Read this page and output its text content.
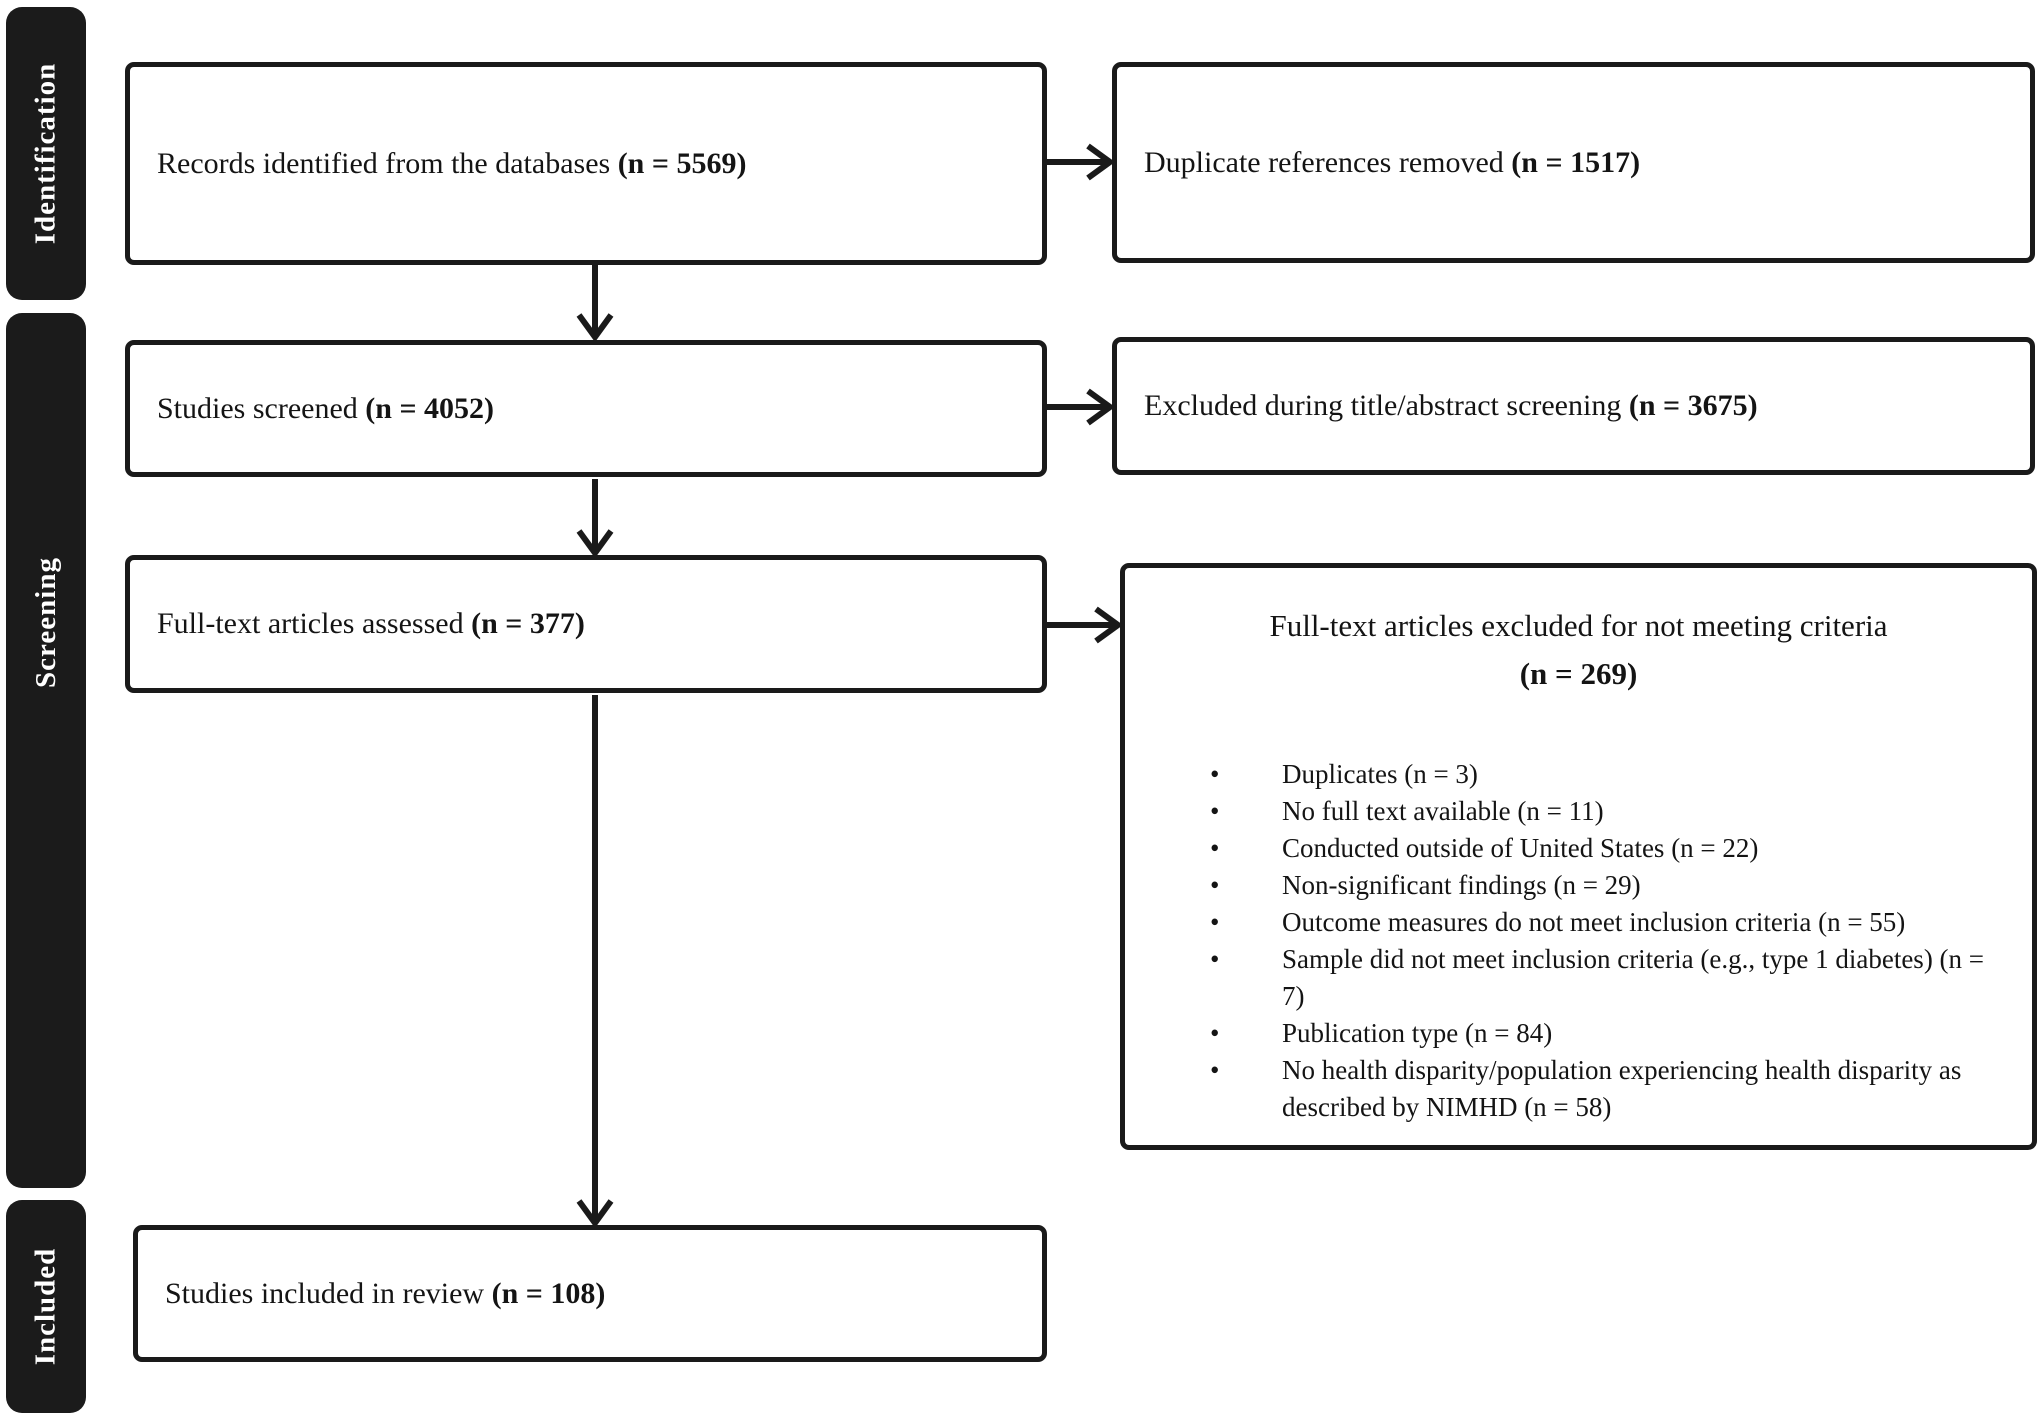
Identification
Screening
Included
Records identified from the databases (n = 5569)	Duplicate references removed (n = 1517)
Studies screened (n = 4052)	Excluded during title/abstract screening (n = 3675)
Full-text articles assessed (n = 377)	Full-text articles excluded for not meeting criteria
(n = 269)
• Duplicates (n = 3)
• No full text available (n = 11)
• Conducted outside of United States (n = 22)
• Non-significant findings (n = 29)
• Outcome measures do not meet inclusion criteria (n = 55)
• Sample did not meet inclusion criteria (e.g., type 1 diabetes) (n = 7)
• Publication type (n = 84)
• No health disparity/population experiencing health disparity as described by NIMHD (n = 58)
Studies included in review (n = 108)
